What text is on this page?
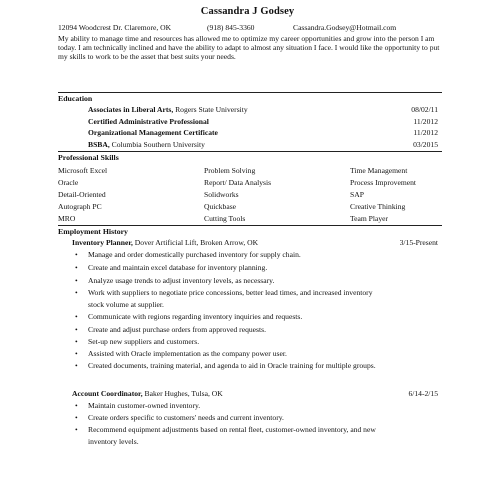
Cassandra J Godsey
12094 Woodcrest Dr. Claremore, OK	(918) 845-3360	Cassandra.Godsey@Hotmail.com
My ability to manage time and resources has allowed me to optimize my career opportunities and grow into the person I am today. I am technically inclined and have the ability to adapt to almost any situation I face. I would like the opportunity to put my skills to work to be the asset that best suits your needs.
Education
Associates in Liberal Arts, Rogers State University	08/02/11
Certified Administrative Professional	11/2012
Organizational Management Certificate	11/2012
BSBA, Columbia Southern University	03/2015
Professional Skills
Microsoft Excel	Problem Solving	Time Management
Oracle	Report/ Data Analysis	Process Improvement
Detail-Oriented	Solidworks	SAP
Autograph PC	Quickbase	Creative Thinking
MRO	Cutting Tools	Team Player
Employment History
Inventory Planner, Dover Artificial Lift, Broken Arrow, OK	3/15-Present
• Manage and order domestically purchased inventory for supply chain.
• Create and maintain excel database for inventory planning.
• Analyze usage trends to adjust inventory levels, as necessary.
• Work with suppliers to negotiate price concessions, better lead times, and increased inventory stock volume at supplier.
• Communicate with regions regarding inventory inquiries and requests.
• Create and adjust purchase orders from approved requests.
• Set-up new suppliers and customers.
• Assisted with Oracle implementation as the company power user.
• Created documents, training material, and agenda to aid in Oracle training for multiple groups.
Account Coordinator, Baker Hughes, Tulsa, OK	6/14-2/15
• Maintain customer-owned inventory.
• Create orders specific to customers' needs and current inventory.
• Recommend equipment adjustments based on rental fleet, customer-owned inventory, and new inventory levels.
